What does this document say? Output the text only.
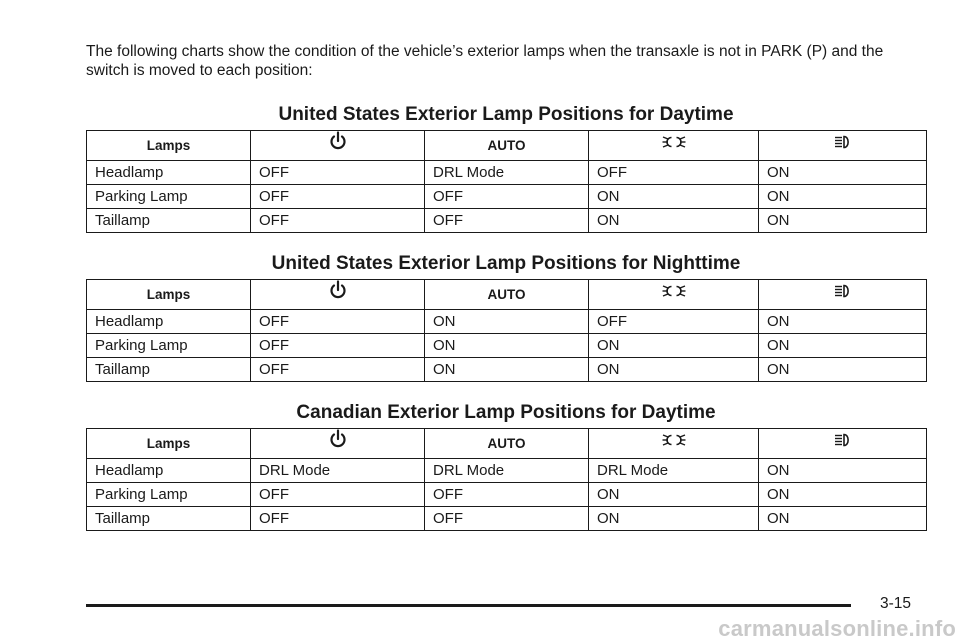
The following charts show the condition of the vehicle’s exterior lamps when the transaxle is not in PARK (P) and the switch is moved to each position:

United States Exterior Lamp Positions for Daytime
Lamps		AUTO		
Headlamp	OFF	DRL Mode	OFF	ON
Parking Lamp	OFF	OFF	ON	ON
Taillamp	OFF	OFF	ON	ON
United States Exterior Lamp Positions for Nighttime
Lamps		AUTO		
Headlamp	OFF	ON	OFF	ON
Parking Lamp	OFF	ON	ON	ON
Taillamp	OFF	ON	ON	ON
Canadian Exterior Lamp Positions for Daytime
Lamps		AUTO		
Headlamp	DRL Mode	DRL Mode	DRL Mode	ON
Parking Lamp	OFF	OFF	ON	ON
Taillamp	OFF	OFF	ON	ON
3-15
carmanualsonline.info
